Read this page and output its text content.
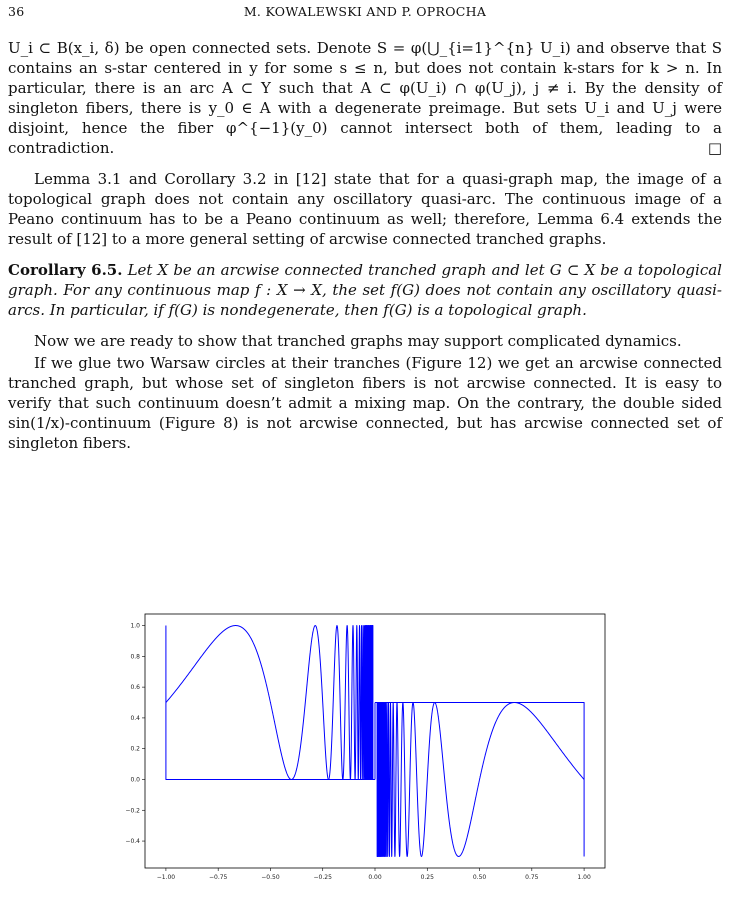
36	M. KOWALEWSKI AND P. OPROCHA

U_i ⊂ B(x_i, δ) be open connected sets. Denote S = φ(⋃_{i=1}^{n} U_i) and observe that S contains an s-star centered in y for some s ≤ n, but does not contain k-stars for k > n. In particular, there is an arc A ⊂ Y such that A ⊂ φ(U_i) ∩ φ(U_j), j ≠ i. By the density of singleton fibers, there is y_0 ∈ A with a degenerate preimage. But sets U_i and U_j were disjoint, hence the fiber φ^{−1}(y_0) cannot intersect both of them, leading to a contradiction.	□

Lemma 3.1 and Corollary 3.2 in [12] state that for a quasi-graph map, the image of a topological graph does not contain any oscillatory quasi-arc. The continuous image of a Peano continuum has to be a Peano continuum as well; therefore, Lemma 6.4 extends the result of [12] to a more general setting of arcwise connected tranched graphs.

Corollary 6.5. Let X be an arcwise connected tranched graph and let G ⊂ X be a topological graph. For any continuous map f : X → X, the set f(G) does not contain any oscillatory quasi-arcs. In particular, if f(G) is nondegenerate, then f(G) is a topological graph.

Now we are ready to show that tranched graphs may support complicated dynamics.

If we glue two Warsaw circles at their tranches (Figure 12) we get an arcwise connected tranched graph, but whose set of singleton fibers is not arcwise connected. It is easy to verify that such continuum doesn’t admit a mixing map. On the contrary, the double sided sin(1/x)-continuum (Figure 8) is not arcwise connected, but has arcwise connected set of singleton fibers.

−1.00	−0.75	−0.50	−0.25	0.00	0.25	0.50	0.75	1.00
−0.4
−0.2
0.0
0.2
0.4
0.6
0.8
1.0
